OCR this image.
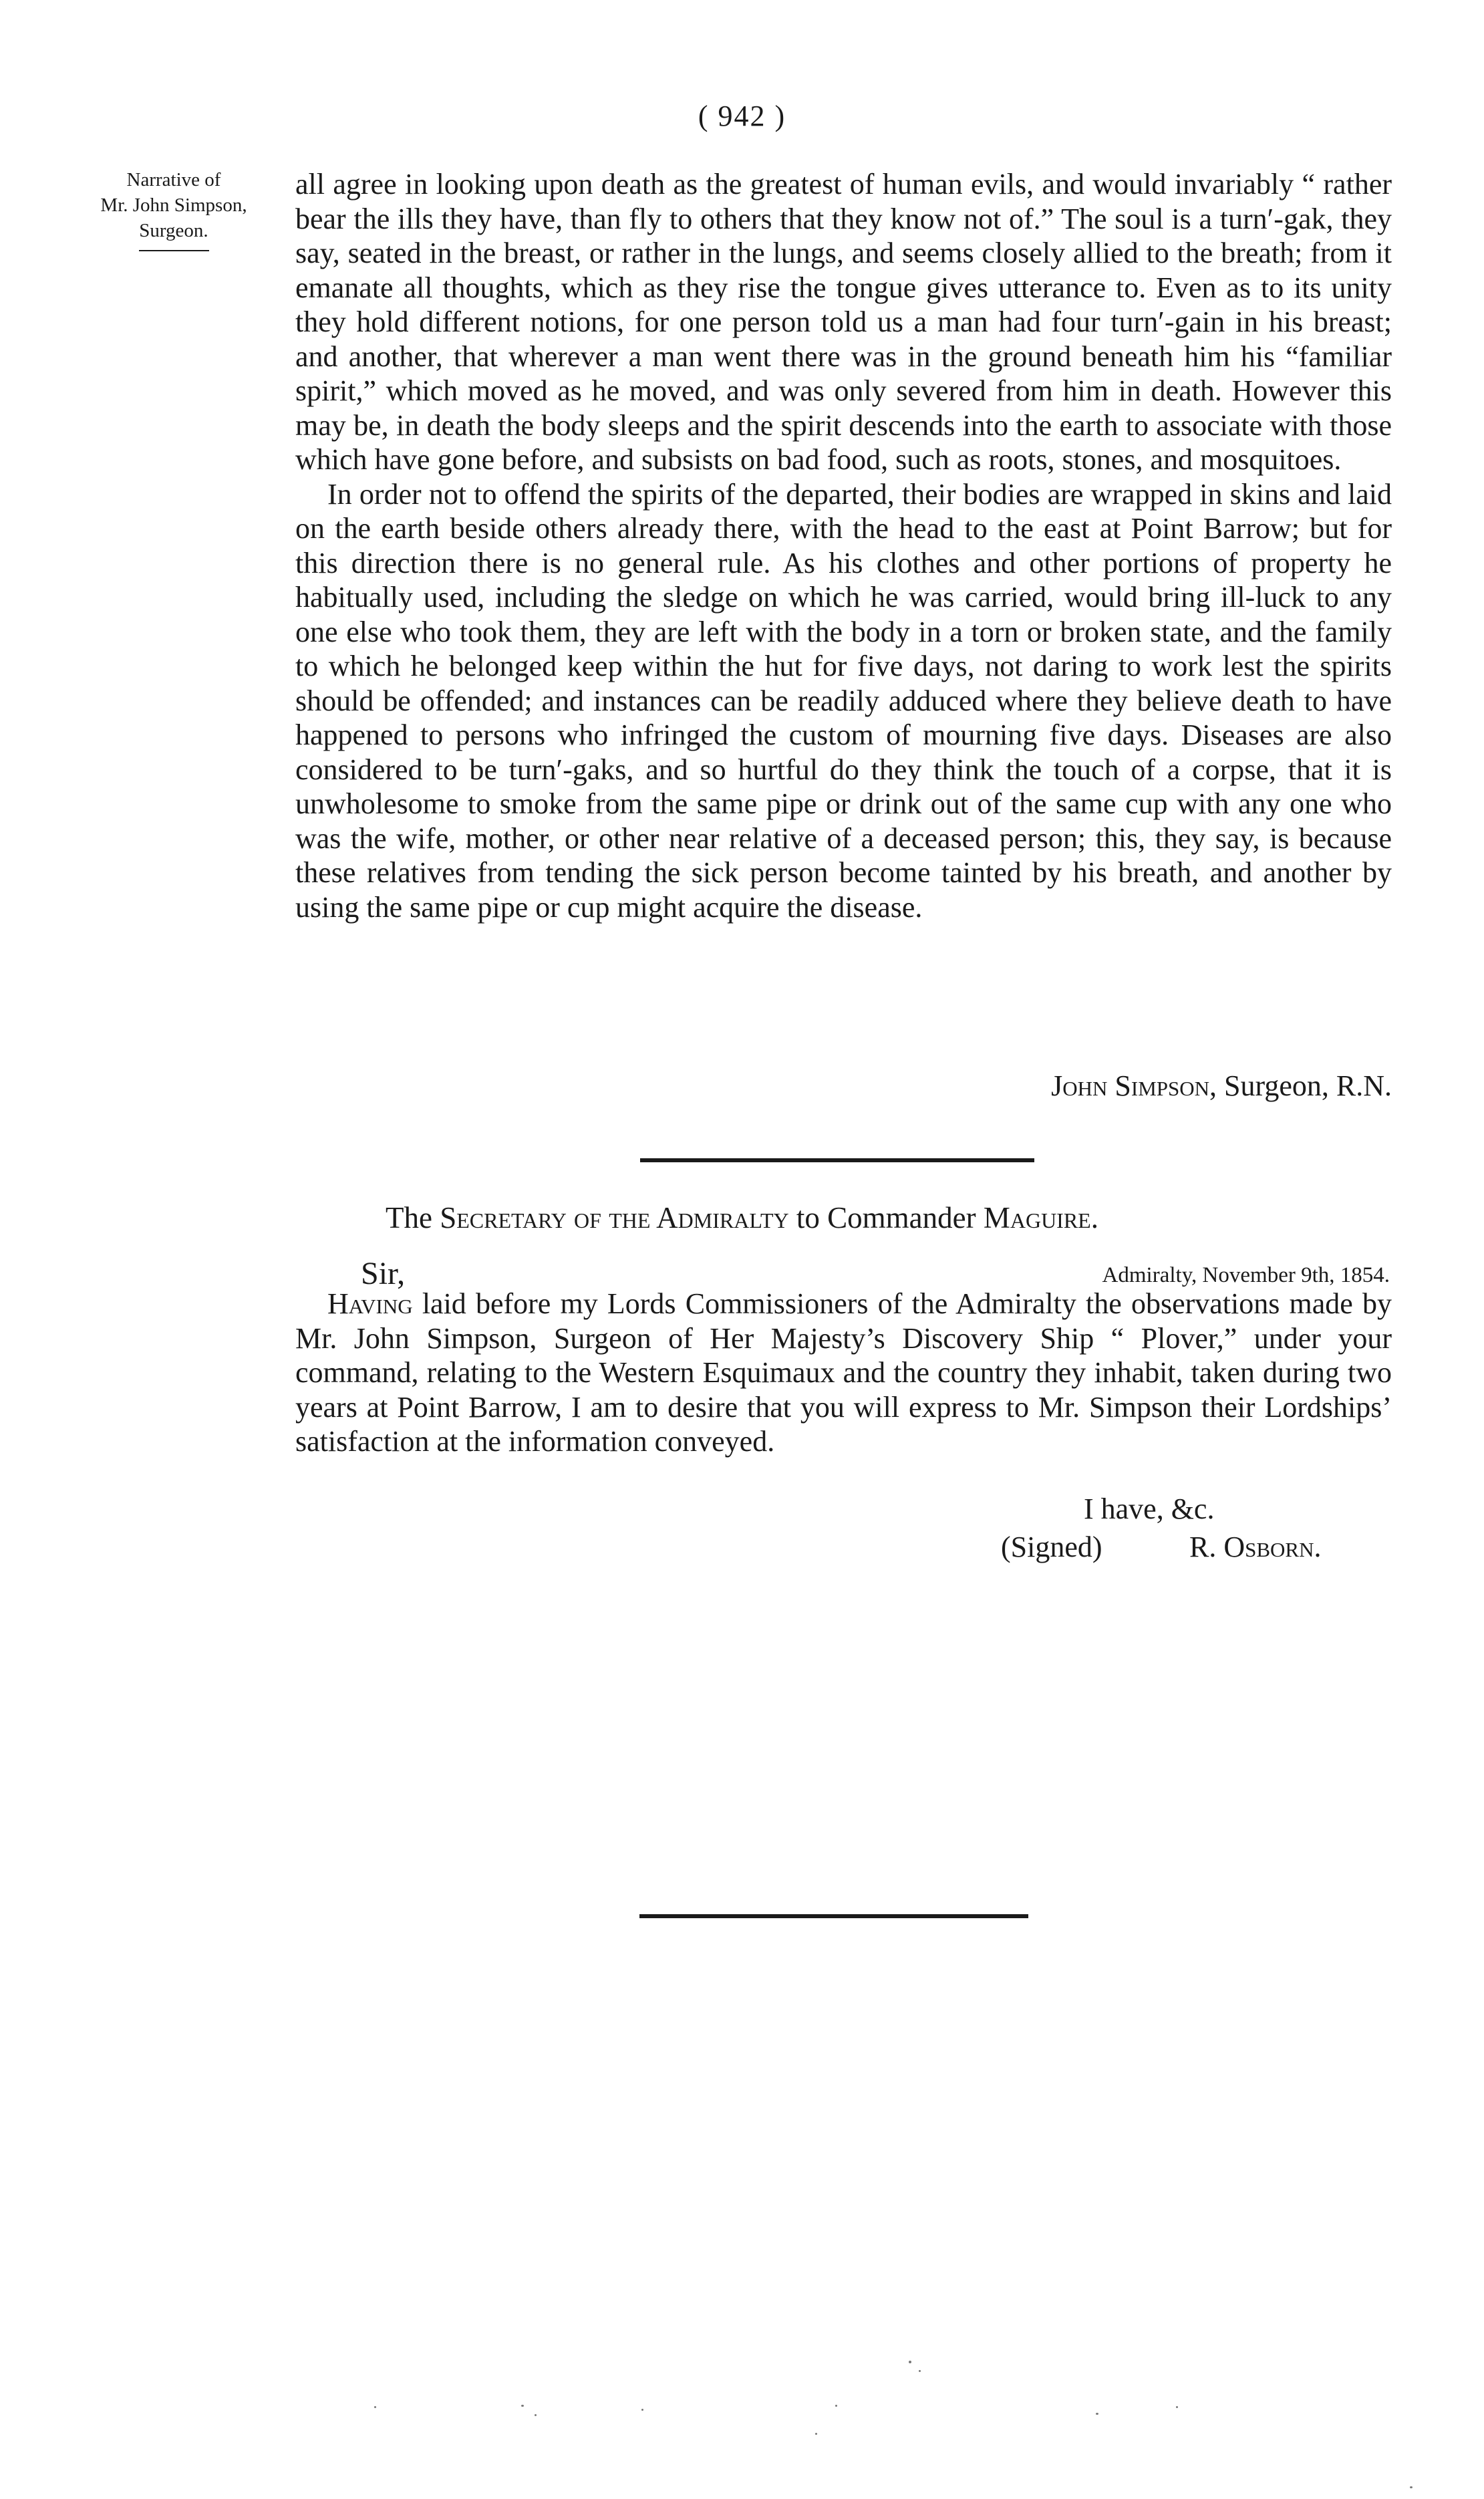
( 942 )
Narrative of
Mr. John Simpson,
Surgeon.

all agree in looking upon death as the greatest of human evils, and would invariably “ rather bear the ills they have, than fly to others that they know not of.” The soul is a turn′-gak, they say, seated in the breast, or rather in the lungs, and seems closely allied to the breath; from it emanate all thoughts, which as they rise the tongue gives utterance to. Even as to its unity they hold different notions, for one person told us a man had four turn′-gain in his breast; and another, that wherever a man went there was in the ground beneath him his “familiar spirit,” which moved as he moved, and was only severed from him in death. However this may be, in death the body sleeps and the spirit descends into the earth to associate with those which have gone before, and subsists on bad food, such as roots, stones, and mosquitoes.

In order not to offend the spirits of the departed, their bodies are wrapped in skins and laid on the earth beside others already there, with the head to the east at Point Barrow; but for this direction there is no general rule. As his clothes and other portions of property he habitually used, including the sledge on which he was carried, would bring ill-luck to any one else who took them, they are left with the body in a torn or broken state, and the family to which he belonged keep within the hut for five days, not daring to work lest the spirits should be offended; and instances can be readily adduced where they believe death to have happened to persons who infringed the custom of mourning five days. Diseases are also considered to be turn′-gaks, and so hurtful do they think the touch of a corpse, that it is unwholesome to smoke from the same pipe or drink out of the same cup with any one who was the wife, mother, or other near relative of a deceased person; this, they say, is because these relatives from tending the sick person become tainted by his breath, and another by using the same pipe or cup might acquire the disease.

John Simpson, Surgeon, R.N.
The Secretary of the Admiralty to Commander Maguire.
Sir,	Admiralty, November 9th, 1854.
Having laid before my Lords Commissioners of the Admiralty the observations made by Mr. John Simpson, Surgeon of Her Majesty’s Discovery Ship “ Plover,” under your command, relating to the Western Esquimaux and the country they inhabit, taken during two years at Point Barrow, I am to desire that you will express to Mr. Simpson their Lordships’ satisfaction at the information conveyed.
I have, &c.
(Signed)	R. Osborn.
